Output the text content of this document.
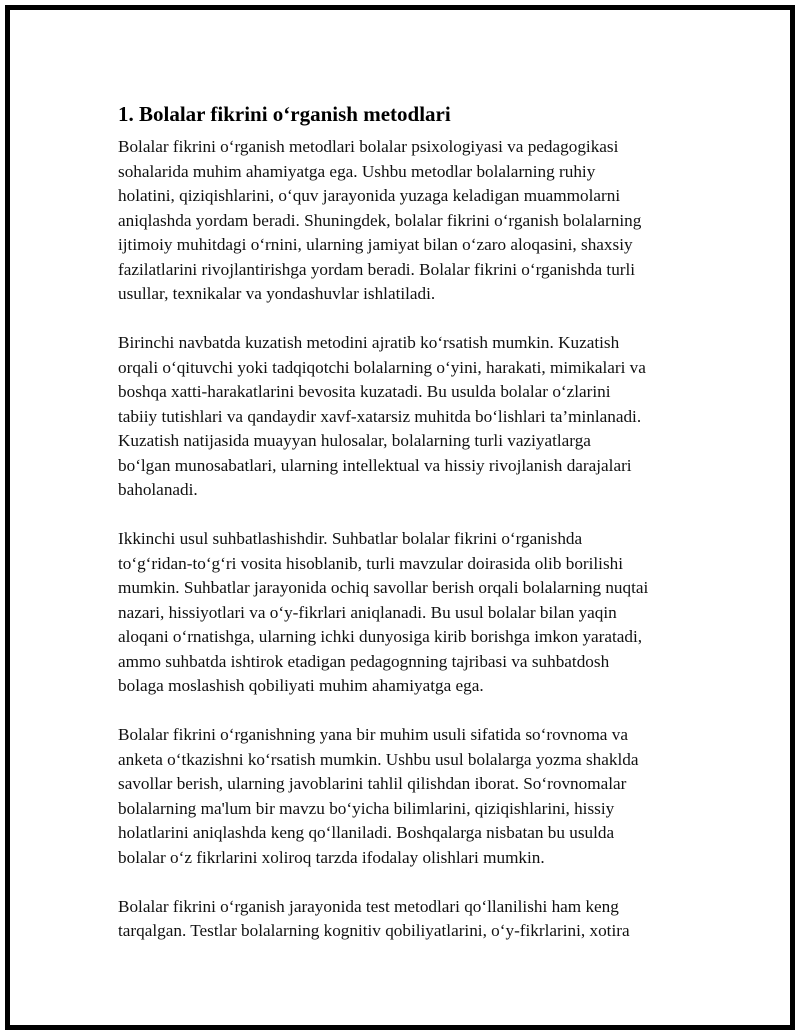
1. Bolalar fikrini o‘rganish metodlari

Bolalar fikrini o‘rganish metodlari bolalar psixologiyasi va pedagogikasi
sohalarida muhim ahamiyatga ega. Ushbu metodlar bolalarning ruhiy
holatini, qiziqishlarini, o‘quv jarayonida yuzaga keladigan muammolarni
aniqlashda yordam beradi. Shuningdek, bolalar fikrini o‘rganish bolalarning
ijtimoiy muhitdagi o‘rnini, ularning jamiyat bilan o‘zaro aloqasini, shaxsiy
fazilatlarini rivojlantirishga yordam beradi. Bolalar fikrini o‘rganishda turli
usullar, texnikalar va yondashuvlar ishlatiladi.

Birinchi navbatda kuzatish metodini ajratib ko‘rsatish mumkin. Kuzatish
orqali o‘qituvchi yoki tadqiqotchi bolalarning o‘yini, harakati, mimikalari va
boshqa xatti-harakatlarini bevosita kuzatadi. Bu usulda bolalar o‘zlarini
tabiiy tutishlari va qandaydir xavf-xatarsiz muhitda bo‘lishlari ta’minlanadi.
Kuzatish natijasida muayyan hulosalar, bolalarning turli vaziyatlarga
bo‘lgan munosabatlari, ularning intellektual va hissiy rivojlanish darajalari
baholanadi.

Ikkinchi usul suhbatlashishdir. Suhbatlar bolalar fikrini o‘rganishda
to‘g‘ridan-to‘g‘ri vosita hisoblanib, turli mavzular doirasida olib borilishi
mumkin. Suhbatlar jarayonida ochiq savollar berish orqali bolalarning nuqtai
nazari, hissiyotlari va o‘y-fikrlari aniqlanadi. Bu usul bolalar bilan yaqin
aloqani o‘rnatishga, ularning ichki dunyosiga kirib borishga imkon yaratadi,
ammo suhbatda ishtirok etadigan pedagognning tajribasi va suhbatdosh
bolaga moslashish qobiliyati muhim ahamiyatga ega.

Bolalar fikrini o‘rganishning yana bir muhim usuli sifatida so‘rovnoma va
anketa o‘tkazishni ko‘rsatish mumkin. Ushbu usul bolalarga yozma shaklda
savollar berish, ularning javoblarini tahlil qilishdan iborat. So‘rovnomalar
bolalarning ma'lum bir mavzu bo‘yicha bilimlarini, qiziqishlarini, hissiy
holatlarini aniqlashda keng qo‘llaniladi. Boshqalarga nisbatan bu usulda
bolalar o‘z fikrlarini xoliroq tarzda ifodalay olishlari mumkin.

Bolalar fikrini o‘rganish jarayonida test metodlari qo‘llanilishi ham keng
tarqalgan. Testlar bolalarning kognitiv qobiliyatlarini, o‘y-fikrlarini, xotira
